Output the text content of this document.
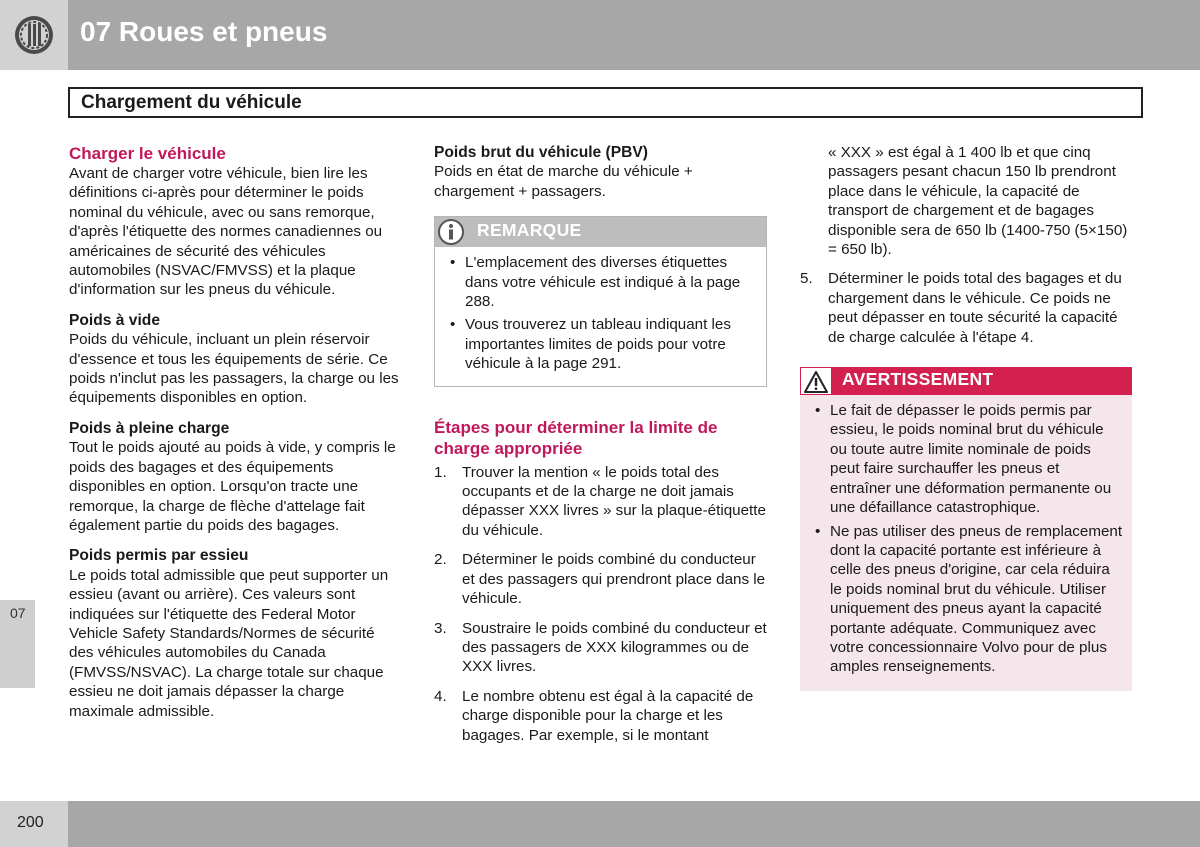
07 Roues et pneus
Chargement du véhicule

Charger le véhicule

Avant de charger votre véhicule, bien lire les définitions ci-après pour déterminer le poids nominal du véhicule, avec ou sans remorque, d'après l'étiquette des normes canadiennes ou américaines de sécurité des véhicules automobiles (NSVAC/FMVSS) et la plaque d'information sur les pneus du véhicule.

Poids à vide

Poids du véhicule, incluant un plein réservoir d'essence et tous les équipements de série. Ce poids n'inclut pas les passagers, la charge ou les équipements disponibles en option.

Poids à pleine charge

Tout le poids ajouté au poids à vide, y compris le poids des bagages et des équipements disponibles en option. Lorsqu'on tracte une remorque, la charge de flèche d'attelage fait également partie du poids des bagages.

Poids permis par essieu

Le poids total admissible que peut supporter un essieu (avant ou arrière). Ces valeurs sont indiquées sur l'étiquette des Federal Motor Vehicle Safety Standards/Normes de sécurité des véhicules automobiles du Canada (FMVSS/NSVAC). La charge totale sur chaque essieu ne doit jamais dépasser la charge maximale admissible.

Poids brut du véhicule (PBV)

Poids en état de marche du véhicule + chargement + passagers.

REMARQUE
• L'emplacement des diverses étiquettes dans votre véhicule est indiqué à la page 288.
• Vous trouverez un tableau indiquant les importantes limites de poids pour votre véhicule à la page 291.

Étapes pour déterminer la limite de charge appropriée

1. Trouver la mention « le poids total des occupants et de la charge ne doit jamais dépasser XXX livres » sur la plaque-étiquette du véhicule.
2. Déterminer le poids combiné du conducteur et des passagers qui prendront place dans le véhicule.
3. Soustraire le poids combiné du conducteur et des passagers de XXX kilogrammes ou de XXX livres.
4. Le nombre obtenu est égal à la capacité de charge disponible pour la charge et les bagages. Par exemple, si le montant

« XXX » est égal à 1 400 lb et que cinq passagers pesant chacun 150 lb prendront place dans le véhicule, la capacité de transport de chargement et de bagages disponible sera de 650 lb (1400-750 (5×150) = 650 lb).

5. Déterminer le poids total des bagages et du chargement dans le véhicule. Ce poids ne peut dépasser en toute sécurité la capacité de charge calculée à l'étape 4.
AVERTISSEMENT
• Le fait de dépasser le poids permis par essieu, le poids nominal brut du véhicule ou toute autre limite nominale de poids peut faire surchauffer les pneus et entraîner une déformation permanente ou une défaillance catastrophique.
• Ne pas utiliser des pneus de remplacement dont la capacité portante est inférieure à celle des pneus d'origine, car cela réduira le poids nominal brut du véhicule. Utiliser uniquement des pneus ayant la capacité portante adéquate. Communiquez avec votre concessionnaire Volvo pour de plus amples renseignements.
07
200
